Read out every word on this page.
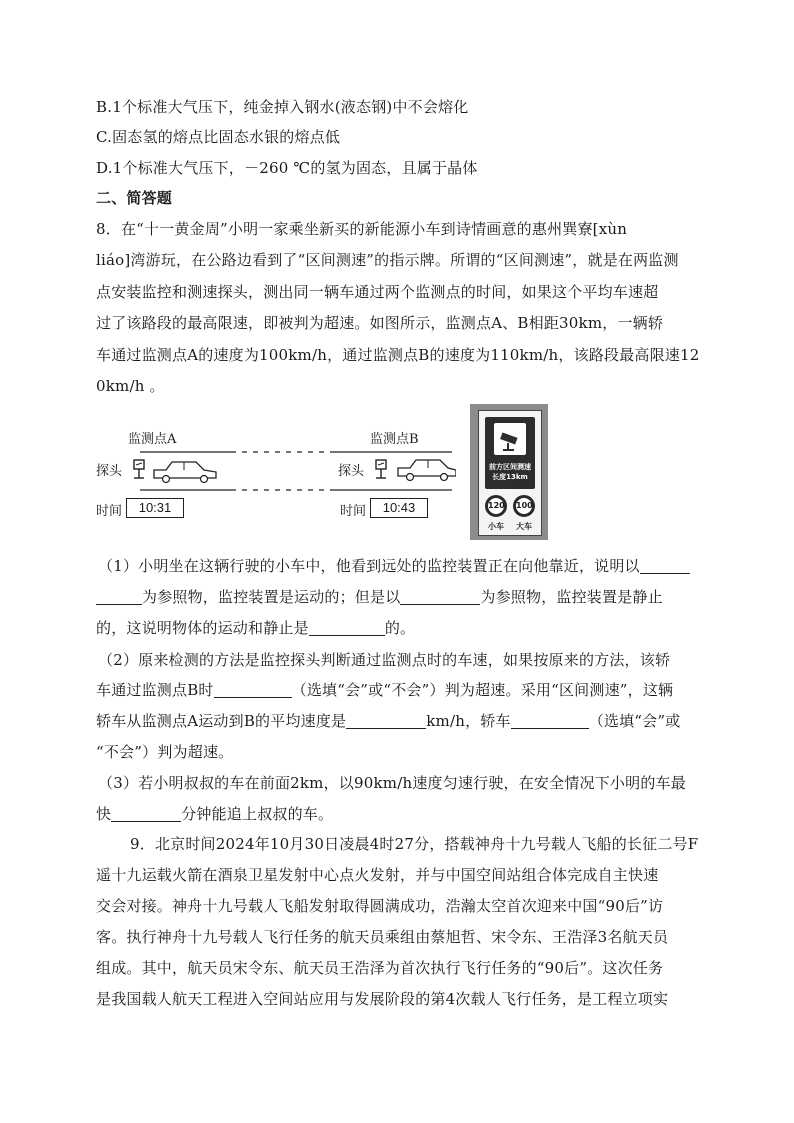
B.1个标准大气压下，纯金掉入钢水(液态钢)中不会熔化
C.固态氢的熔点比固态水银的熔点低
D.1个标准大气压下，－260 ℃的氢为固态，且属于晶体
二、简答题
8．在“十一黄金周”小明一家乘坐新买的新能源小车到诗情画意的惠州巽寮[xùn
liáo]湾游玩，在公路边看到了“区间测速”的指示牌。所谓的“区间测速”，就是在两监测
点安装监控和测速探头，测出同一辆车通过两个监测点的时间，如果这个平均车速超
过了该路段的最高限速，即被判为超速。如图所示，监测点A、B相距30km，一辆轿
车通过监测点A的速度为100km/h，通过监测点B的速度为110km/h，该路段最高限速12
0km/h 。
监测点A	监测点B
探头	探头
时间	10:31	时间	10:43
前方区间测速
长度13km
120	100
小车	大车
（1）小明坐在这辆行驶的小车中，他看到远处的监控装置正在向他靠近，说明以
为参照物，监控装置是运动的；但是以	为参照物，监控装置是静止
的，这说明物体的运动和静止是	的。
（2）原来检测的方法是监控探头判断通过监测点时的车速，如果按原来的方法，该轿
车通过监测点B时	（选填“会”或“不会”）判为超速。采用“区间测速”，这辆
轿车从监测点A运动到B的平均速度是	km/h，轿车	（选填“会”或
“不会”）判为超速。
（3）若小明叔叔的车在前面2km，以90km/h速度匀速行驶，在安全情况下小明的车最
快	分钟能追上叔叔的车。
9．北京时间2024年10月30日凌晨4时27分，搭载神舟十九号载人飞船的长征二号F
遥十九运载火箭在酒泉卫星发射中心点火发射，并与中国空间站组合体完成自主快速
交会对接。神舟十九号载人飞船发射取得圆满成功，浩瀚太空首次迎来中国“90后”访
客。执行神舟十九号载人飞行任务的航天员乘组由蔡旭哲、宋令东、王浩泽3名航天员
组成。其中，航天员宋令东、航天员王浩泽为首次执行飞行任务的“90后”。这次任务
是我国载人航天工程进入空间站应用与发展阶段的第4次载人飞行任务，是工程立项实
